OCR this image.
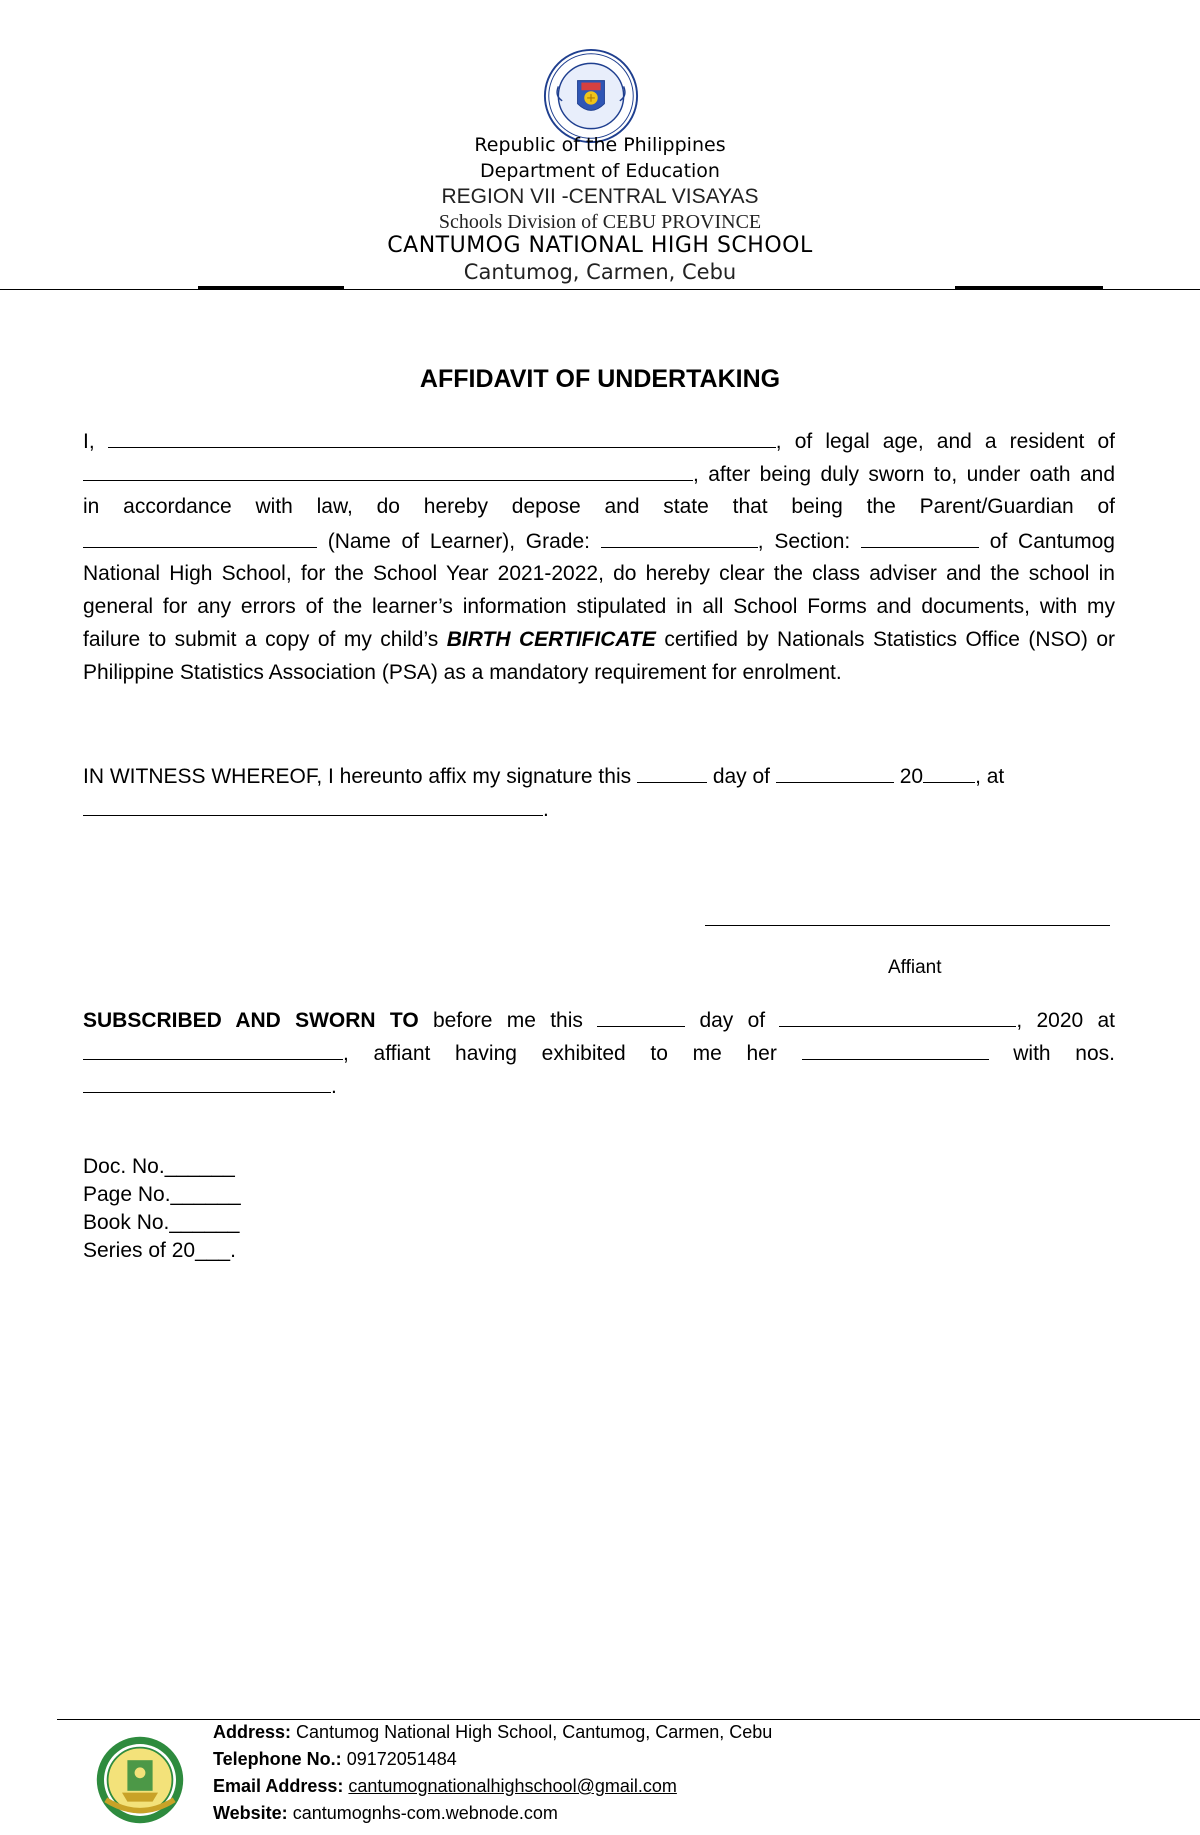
Republic of the Philippines
Department of Education
REGION VII -CENTRAL VISAYAS
Schools Division of CEBU PROVINCE
CANTUMOG NATIONAL HIGH SCHOOL
Cantumog, Carmen, Cebu
AFFIDAVIT OF UNDERTAKING
I,	, of legal age, and a resident of
, after being duly sworn to, under oath and
in accordance with law, do hereby depose and state that being the Parent/Guardian of
(Name of Learner), Grade:	, Section:	of Cantumog
National High School, for the School Year 2021-2022, do hereby clear the class adviser and the school in
general for any errors of the learner’s information stipulated in all School Forms and documents, with my
failure to submit a copy of my child’s BIRTH CERTIFICATE certified by Nationals Statistics Office (NSO) or
Philippine Statistics Association (PSA) as a mandatory requirement for enrolment.
IN WITNESS WHEREOF, I hereunto affix my signature this	day of	20 , at
.
Affiant
SUBSCRIBED AND SWORN TO before me this	day of	, 2020 at
, affiant having exhibited to me her	with nos.
.
Doc. No.______
Page No.______
Book No.______
Series of 20___.
Address: Cantumog National High School, Cantumog, Carmen, Cebu
Telephone No.: 09172051484
Email Address: cantumognationalhighschool@gmail.com
Website: cantumognhs-com.webnode.com
